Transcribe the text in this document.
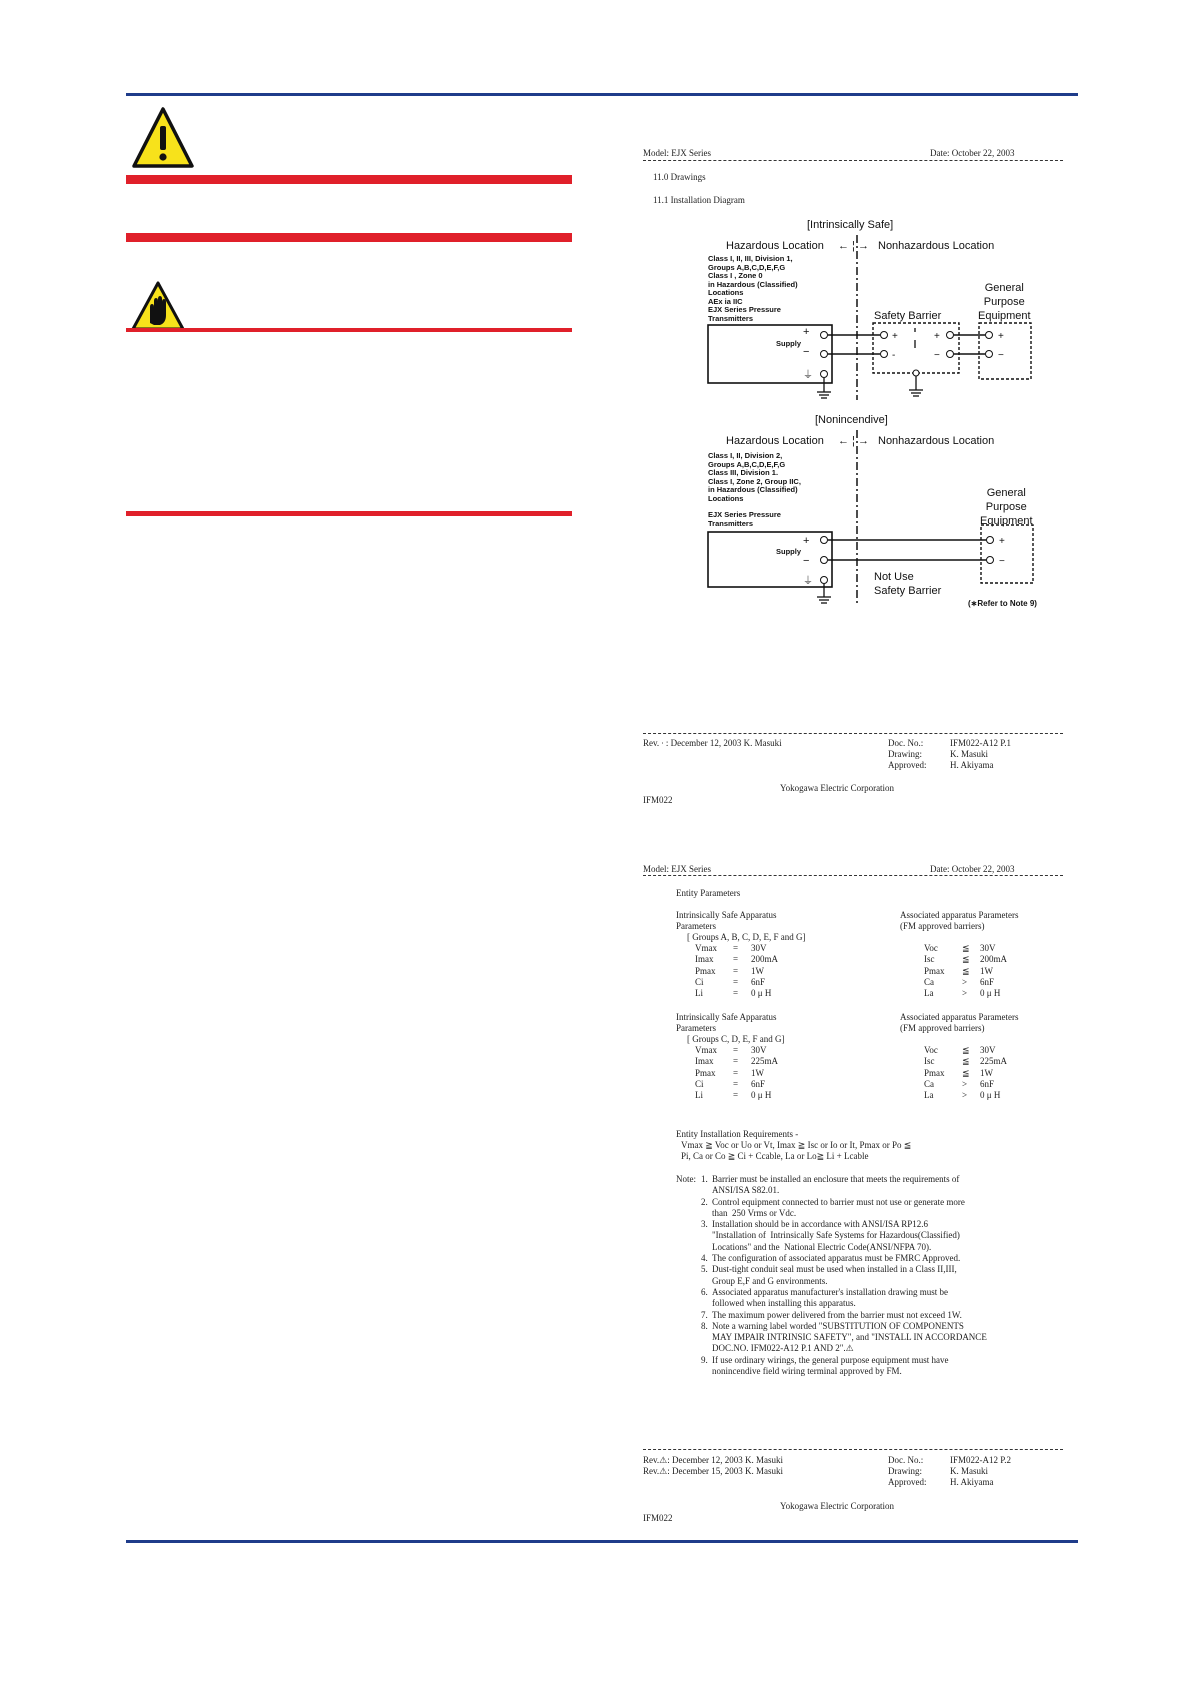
Model: EJX Series	Date: October 22, 2003
11.0 Drawings
11.1 Installation Diagram
[Intrinsically Safe]
Hazardous Location ← ¦ → Nonhazardous Location
Class I, II, III, Division 1,
Groups A,B,C,D,E,F,G
Class I , Zone 0
in Hazardous (Classified)
Locations
AEx ia IIC
EJX Series Pressure
Transmitters
General
Purpose
Equipment
Safety Barrier
Supply
+
−
+
-
+
−
+
−
⏚
[Nonincendive]
Hazardous Location ← ¦ → Nonhazardous Location
Class I, II, Division 2,
Groups A,B,C,D,E,F,G
Class III, Division 1.
Class I, Zone 2, Group IIC,
in Hazardous (Classified)
Locations
EJX Series Pressure
Transmitters
General
Purpose
Equipment
Supply
+
−
Not Use
Safety Barrier
(∗Refer to Note 9)
+
−
⏚
Rev. ∙ : December 12, 2003 K. Masuki	Doc. No.:	IFM022-A12 P.1
Drawing:	K. Masuki
Approved:	H. Akiyama
Yokogawa Electric Corporation
IFM022
Model: EJX Series	Date: October 22, 2003
Entity Parameters
Intrinsically Safe Apparatus
Parameters
[ Groups A, B, C, D, E, F and G]
Associated apparatus Parameters
(FM approved barriers)
Vmax = 30V
Imax = 200mA
Pmax = 1W
Ci	= 6nF
Li	= 0 μ H
Voc	≦ 30V
Isc	≦ 200mA
Pmax ≦ 1W
Ca	> 6nF
La	> 0 μ H
Intrinsically Safe Apparatus
Parameters
[ Groups C, D, E, F and G]
Associated apparatus Parameters
(FM approved barriers)
Vmax = 30V
Imax = 225mA
Pmax = 1W
Ci	= 6nF
Li	= 0 μ H
Voc	≦ 30V
Isc	≦ 225mA
Pmax ≦ 1W
Ca	> 6nF
La	> 0 μ H
Entity Installation Requirements -
Vmax ≧ Voc or Uo or Vt, Imax ≧ Isc or Io or It, Pmax or Po ≦
Pi, Ca or Co ≧ Ci + Ccable, La or Lo≧ Li + Lcable
Note: 1. Barrier must be installed an enclosure that meets the requirements of
ANSI/ISA S82.01.
2. Control equipment connected to barrier must not use or generate more
than  250 Vrms or Vdc.
3. Installation should be in accordance with ANSI/ISA RP12.6
"Installation of  Intrinsically Safe Systems for Hazardous(Classified)
Locations" and the  National Electric Code(ANSI/NFPA 70).
4. The configuration of associated apparatus must be FMRC Approved.
5. Dust-tight conduit seal must be used when installed in a Class II,III,
Group E,F and G environments.
6. Associated apparatus manufacturer's installation drawing must be
followed when installing this apparatus.
7. The maximum power delivered from the barrier must not exceed 1W.
8. Note a warning label worded "SUBSTITUTION OF COMPONENTS
MAY IMPAIR INTRINSIC SAFETY", and "INSTALL IN ACCORDANCE
DOC.NO. IFM022-A12 P.1 AND 2".⚠
9. If use ordinary wirings, the general purpose equipment must have
nonincendive field wiring terminal approved by FM.
Rev.⚠: December 12, 2003 K. Masuki
Rev.⚠: December 15, 2003 K. Masuki
Doc. No.:	IFM022-A12 P.2
Drawing:	K. Masuki
Approved:	H. Akiyama
Yokogawa Electric Corporation
IFM022
